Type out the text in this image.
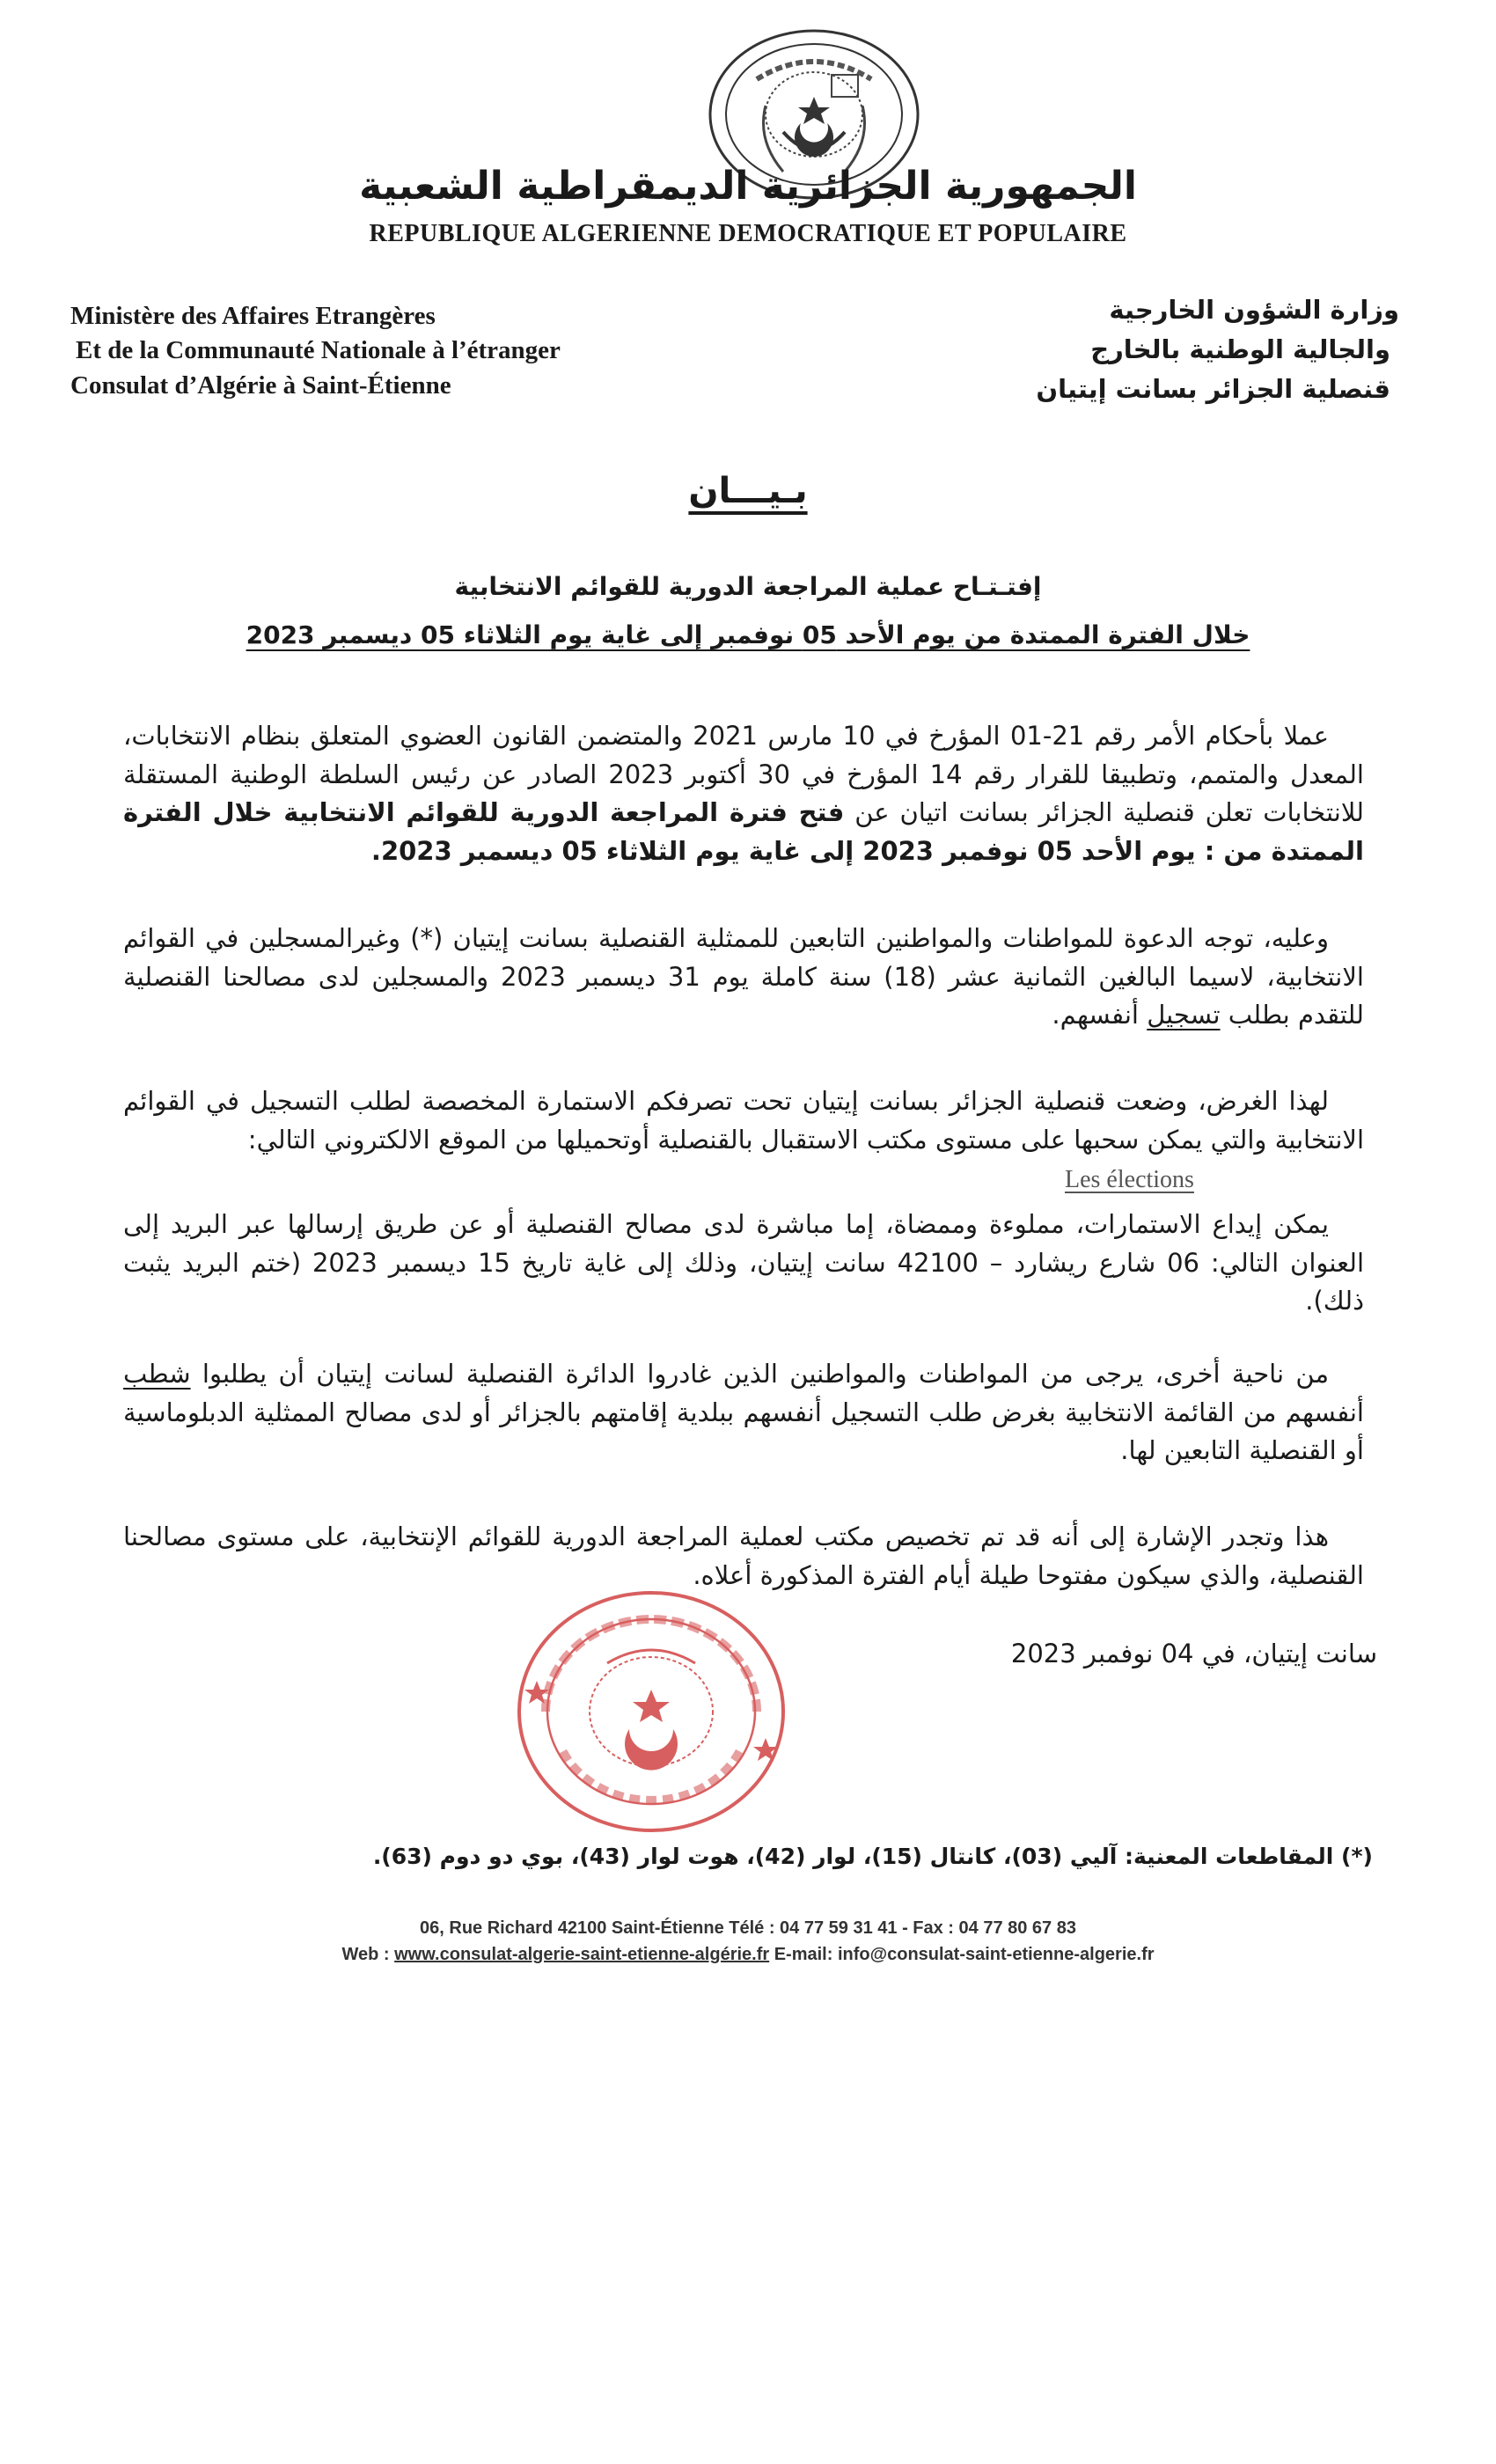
الجمهورية الجزائرية الديمقراطية الشعبية
REPUBLIQUE ALGERIENNE DEMOCRATIQUE ET POPULAIRE
Ministère des Affaires Etrangères
Et de la Communauté Nationale à l’étranger
Consulat d’Algérie à Saint-Étienne
وزارة الشؤون الخارجية
والجالية الوطنية بالخارج
قنصلية الجزائر بسانت إيتيان
بـيـــان
إفتـتـاح عملية المراجعة الدورية للقوائم الانتخابية
خلال الفترة الممتدة من يوم الأحد 05 نوفمبر إلى غاية يوم الثلاثاء 05 ديسمبر 2023
عملا بأحكام الأمر رقم 21-01 المؤرخ في 10 مارس 2021 والمتضمن القانون العضوي المتعلق بنظام الانتخابات، المعدل والمتمم، وتطبيقا للقرار رقم 14 المؤرخ في 30 أكتوبر 2023 الصادر عن رئيس السلطة الوطنية المستقلة للانتخابات تعلن قنصلية الجزائر بسانت اتيان عن فتح فترة المراجعة الدورية للقوائم الانتخابية خلال الفترة الممتدة من : يوم الأحد 05 نوفمبر 2023 إلى غاية يوم الثلاثاء 05 ديسمبر 2023.
وعليه، توجه الدعوة للمواطنات والمواطنين التابعين للممثلية القنصلية بسانت إيتيان (*) وغيرالمسجلين في القوائم الانتخابية، لاسيما البالغين الثمانية عشر (18) سنة كاملة يوم 31 ديسمبر 2023 والمسجلين لدى مصالحنا القنصلية للتقدم بطلب تسجيل أنفسهم.
لهذا الغرض، وضعت قنصلية الجزائر بسانت إيتيان تحت تصرفكم الاستمارة المخصصة لطلب التسجيل في القوائم الانتخابية والتي يمكن سحبها على مستوى مكتب الاستقبال بالقنصلية أوتحميلها من الموقع الالكتروني التالي:
Les élections
يمكن إيداع الاستمارات، مملوءة وممضاة، إما مباشرة لدى مصالح القنصلية أو عن طريق إرسالها عبر البريد إلى العنوان التالي: 06 شارع ريشارد – 42100 سانت إيتيان، وذلك إلى غاية تاريخ 15 ديسمبر 2023 (ختم البريد يثبت ذلك).
من ناحية أخرى، يرجى من المواطنات والمواطنين الذين غادروا الدائرة القنصلية لسانت إيتيان أن يطلبوا شطب أنفسهم من القائمة الانتخابية بغرض طلب التسجيل أنفسهم ببلدية إقامتهم بالجزائر أو لدى مصالح الممثلية الدبلوماسية أو القنصلية التابعين لها.
هذا وتجدر الإشارة إلى أنه قد تم تخصيص مكتب لعملية المراجعة الدورية للقوائم الإنتخابية، على مستوى مصالحنا القنصلية، والذي سيكون مفتوحا طيلة أيام الفترة المذكورة أعلاه.
سانت إيتيان، في 04 نوفمبر 2023
(*) المقاطعات المعنية: آليي (03)، كانتال (15)، لوار (42)، هوت لوار (43)، بوي دو دوم (63).
06, Rue Richard 42100 Saint-Étienne Télé : 04 77 59 31 41 - Fax : 04 77 80 67 83
Web : www.consulat-algerie-saint-etienne-algérie.fr E-mail: info@consulat-saint-etienne-algerie.fr
